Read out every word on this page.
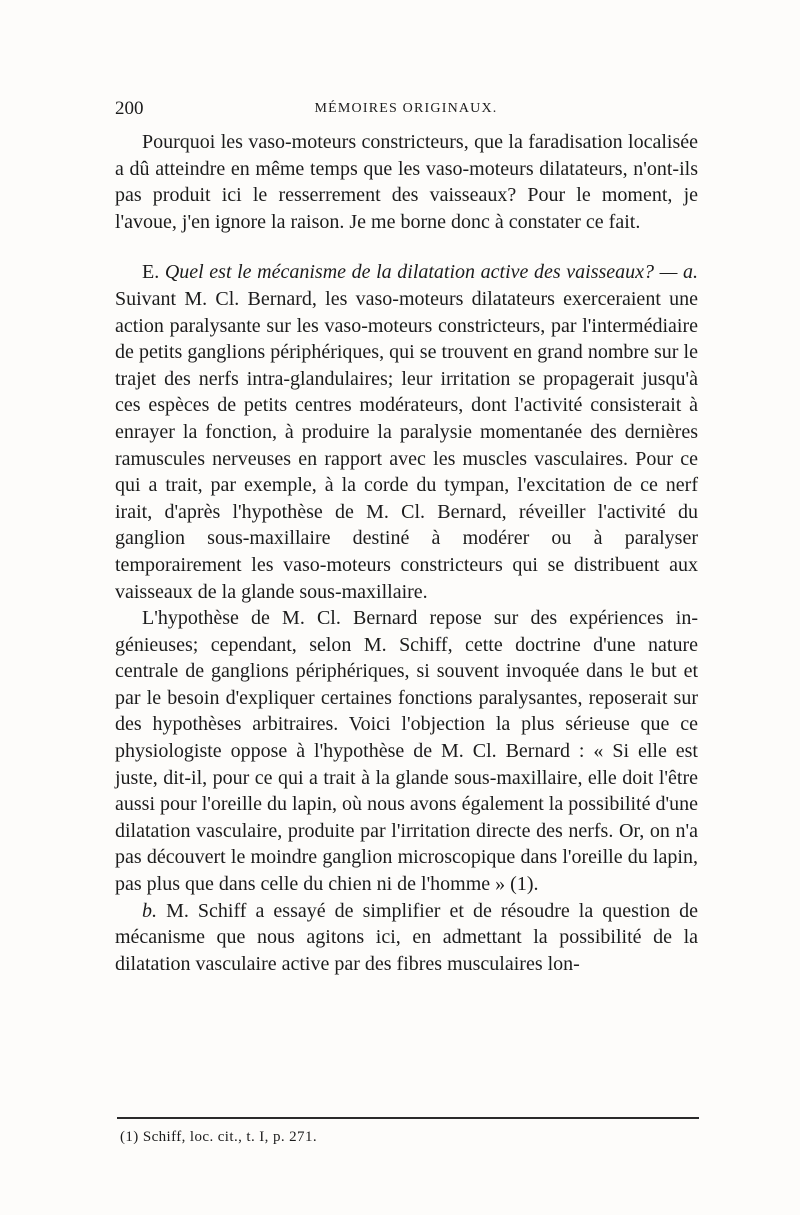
200	MÉMOIRES ORIGINAUX.

Pourquoi les vaso-moteurs constricteurs, que la faradisation localisée a dû atteindre en même temps que les vaso-moteurs dilatateurs, n'ont-ils pas produit ici le resserrement des vaisseaux? Pour le moment, je l'avoue, j'en ignore la raison. Je me borne donc à constater ce fait.

E. Quel est le mécanisme de la dilatation active des vaisseaux? — a. Suivant M. Cl. Bernard, les vaso-moteurs dilatateurs exerceraient une action paralysante sur les vaso-moteurs constricteurs, par l'intermédiaire de petits ganglions périphériques, qui se trouvent en grand nombre sur le trajet des nerfs intra-glandulaires; leur irritation se propagerait jusqu'à ces espèces de petits centres modérateurs, dont l'activité consisterait à enrayer la fonction, à produire la paralysie momentanée des dernières ramuscules nerveuses en rapport avec les muscles vasculaires. Pour ce qui a trait, par exemple, à la corde du tympan, l'excitation de ce nerf irait, d'après l'hypothèse de M. Cl. Bernard, réveiller l'activité du ganglion sous-maxillaire destiné à modérer ou à paralyser temporairement les vaso-moteurs constricteurs qui se distribuent aux vaisseaux de la glande sous-maxillaire.

L'hypothèse de M. Cl. Bernard repose sur des expériences ingénieuses; cependant, selon M. Schiff, cette doctrine d'une nature centrale de ganglions périphériques, si souvent invoquée dans le but et par le besoin d'expliquer certaines fonctions paralysantes, reposerait sur des hypothèses arbitraires. Voici l'objection la plus sérieuse que ce physiologiste oppose à l'hypothèse de M. Cl. Bernard : « Si elle est juste, dit-il, pour ce qui a trait à la glande sous-maxillaire, elle doit l'être aussi pour l'oreille du lapin, où nous avons également la possibilité d'une dilatation vasculaire, produite par l'irritation directe des nerfs. Or, on n'a pas découvert le moindre ganglion microscopique dans l'oreille du lapin, pas plus que dans celle du chien ni de l'homme » (1).

b. M. Schiff a essayé de simplifier et de résoudre la question de mécanisme que nous agitons ici, en admettant la possibilité de la dilatation vasculaire active par des fibres musculaires lon-

(1) Schiff, loc. cit., t. I, p. 271.
